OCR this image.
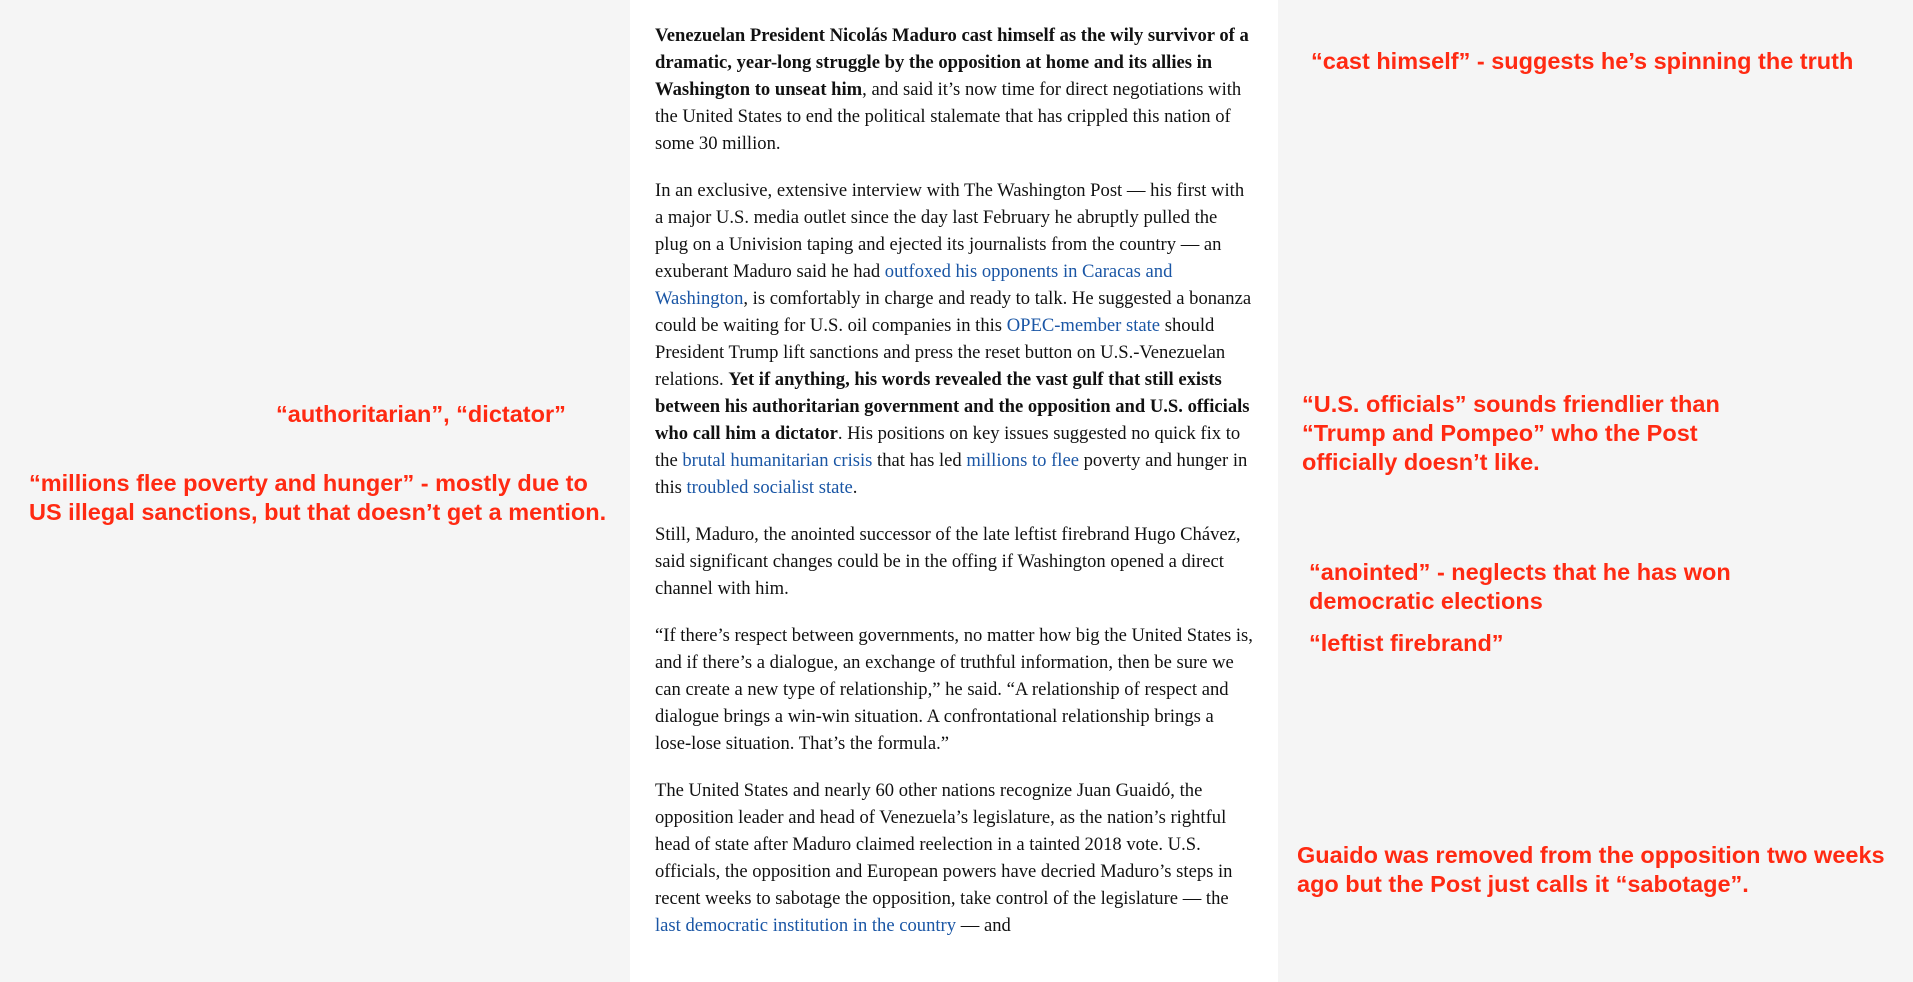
Venezuelan President Nicolás Maduro cast himself as the wily survivor of a dramatic, year-long struggle by the opposition at home and its allies in Washington to unseat him, and said it’s now time for direct negotiations with the United States to end the political stalemate that has crippled this nation of some 30 million.

In an exclusive, extensive interview with The Washington Post — his first with a major U.S. media outlet since the day last February he abruptly pulled the plug on a Univision taping and ejected its journalists from the country — an exuberant Maduro said he had outfoxed his opponents in Caracas and Washington, is comfortably in charge and ready to talk. He suggested a bonanza could be waiting for U.S. oil companies in this OPEC-member state should President Trump lift sanctions and press the reset button on U.S.-Venezuelan relations. Yet if anything, his words revealed the vast gulf that still exists between his authoritarian government and the opposition and U.S. officials who call him a dictator. His positions on key issues suggested no quick fix to the brutal humanitarian crisis that has led millions to flee poverty and hunger in this troubled socialist state.

Still, Maduro, the anointed successor of the late leftist firebrand Hugo Chávez, said significant changes could be in the offing if Washington opened a direct channel with him.

“If there’s respect between governments, no matter how big the United States is, and if there’s a dialogue, an exchange of truthful information, then be sure we can create a new type of relationship,” he said. “A relationship of respect and dialogue brings a win-win situation. A confrontational relationship brings a lose-lose situation. That’s the formula.”

The United States and nearly 60 other nations recognize Juan Guaidó, the opposition leader and head of Venezuela’s legislature, as the nation’s rightful head of state after Maduro claimed reelection in a tainted 2018 vote. U.S. officials, the opposition and European powers have decried Maduro’s steps in recent weeks to sabotage the opposition, take control of the legislature — the last democratic institution in the country — and

“cast himself” - suggests he’s spinning the truth
“authoritarian”, “dictator”
“millions flee poverty and hunger” - mostly due to
US illegal sanctions, but that doesn’t get a mention.
“U.S. officials” sounds friendlier than
“Trump and Pompeo” who the Post
officially doesn’t like.
“anointed” - neglects that he has won
democratic elections
“leftist firebrand”
Guaido was removed from the opposition two weeks
ago but the Post just calls it “sabotage”.
